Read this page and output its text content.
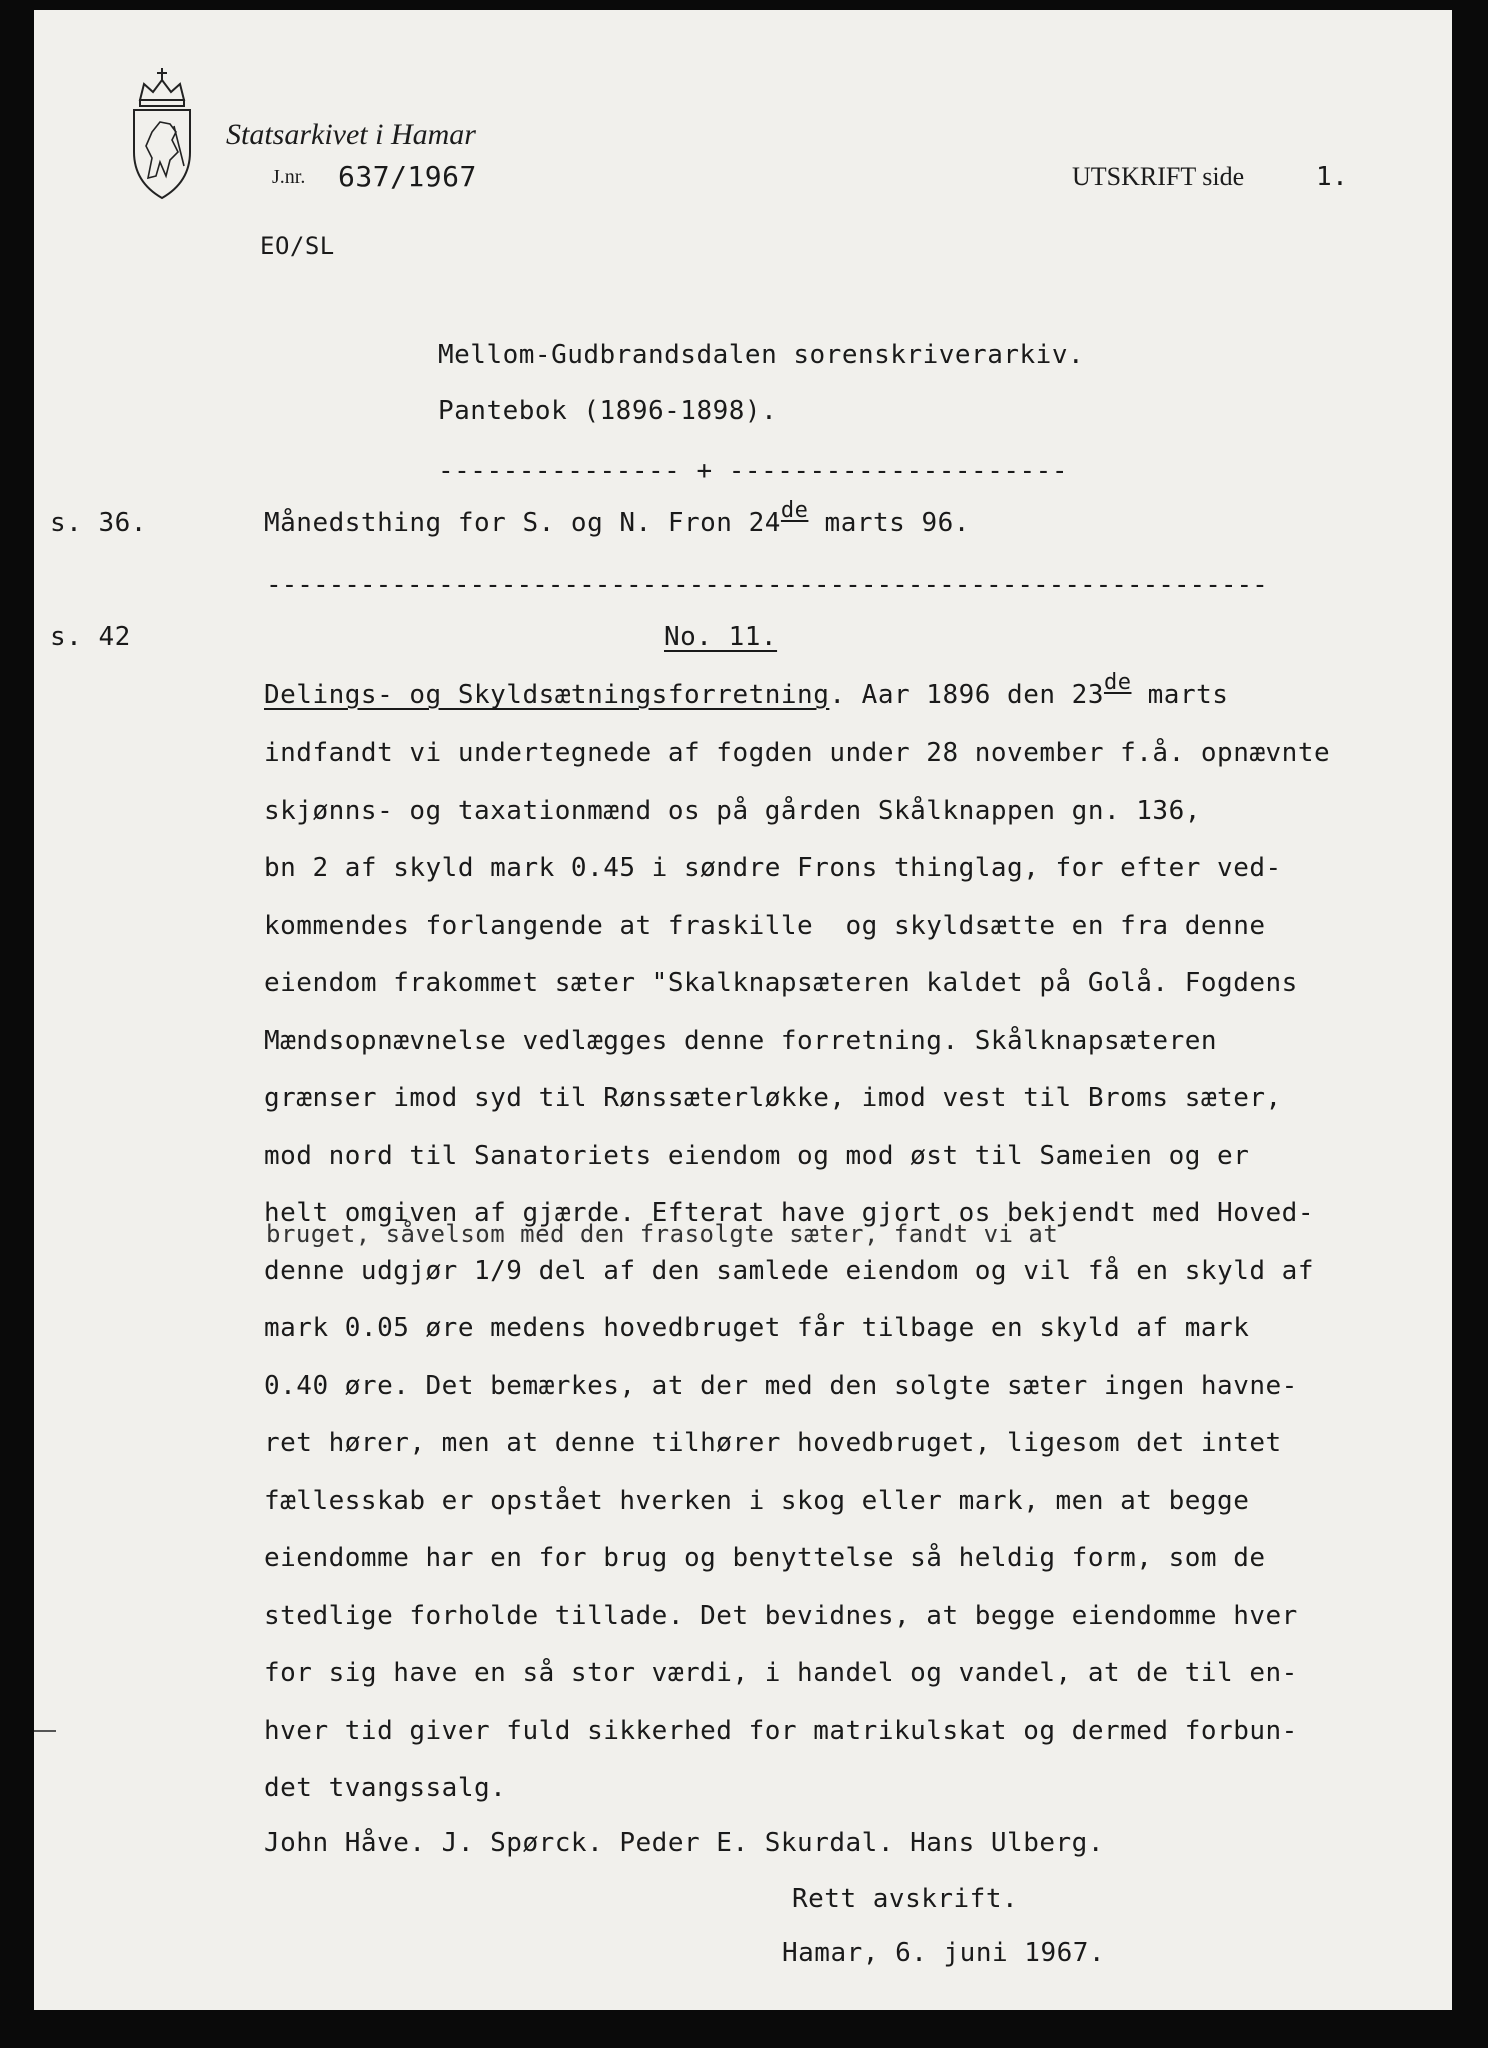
Statsarkivet i Hamar
J.nr. 637/1967	UTSKRIFT side	1.
EO/SL
Mellom-Gudbrandsdalen sorenskriverarkiv.
Pantebok (1896-1898).
--------------- + ---------------------
s. 36.	Månedsthing for S. og N. Fron 24de marts 96.
----------------------------------------------------------------
s. 42	No. 11.
Delings- og Skyldsætningsforretning. Aar 1896 den 23de marts
indfandt vi undertegnede af fogden under 28 november f.å. opnævnte
skjønns- og taxationmænd os på gården Skålknappen gn. 136,
bn 2 af skyld mark 0.45 i søndre Frons thinglag, for efter ved-
kommendes forlangende at fraskille  og skyldsætte en fra denne
eiendom frakommet sæter "Skalknapsæteren kaldet på Golå. Fogdens
Mændsopnævnelse vedlægges denne forretning. Skålknapsæteren
grænser imod syd til Rønssæterløkke, imod vest til Broms sæter,
mod nord til Sanatoriets eiendom og mod øst til Sameien og er
helt omgiven af gjærde. Efterat have gjort os bekjendt med Hoved-
denne udgjør 1/9 del af den samlede eiendom og vil få en skyld af
mark 0.05 øre medens hovedbruget får tilbage en skyld af mark
0.40 øre. Det bemærkes, at der med den solgte sæter ingen havne-
ret hører, men at denne tilhører hovedbruget, ligesom det intet
fællesskab er opstået hverken i skog eller mark, men at begge
eiendomme har en for brug og benyttelse så heldig form, som de
stedlige forholde tillade. Det bevidnes, at begge eiendomme hver
for sig have en så stor værdi, i handel og vandel, at de til en-
hver tid giver fuld sikkerhed for matrikulskat og dermed forbun-
det tvangssalg.
bruget, såvelsom med den frasolgte sæter, fandt vi at
John Håve. J. Spørck. Peder E. Skurdal. Hans Ulberg.
Rett avskrift.
Hamar, 6. juni 1967.
